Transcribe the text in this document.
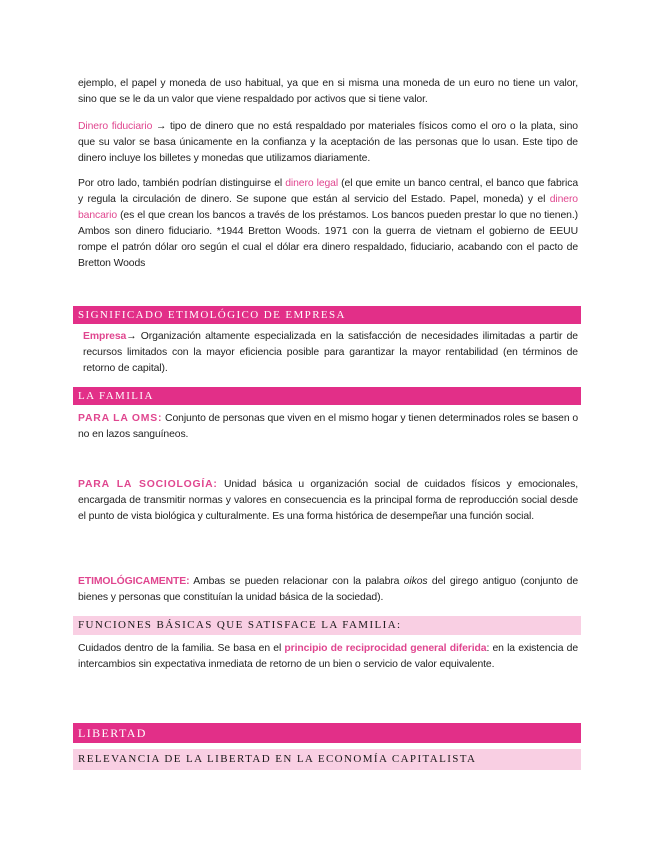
ejemplo, el papel y moneda de uso habitual, ya que en si misma una moneda de un euro no tiene un valor, sino que se le da un valor que viene respaldado por activos que si tiene valor.

Dinero fiduciario → tipo de dinero que no está respaldado por materiales físicos como el oro o la plata, sino que su valor se basa únicamente en la confianza y la aceptación de las personas que lo usan. Este tipo de dinero incluye los billetes y monedas que utilizamos diariamente.

Por otro lado, también podrían distinguirse el dinero legal (el que emite un banco central, el banco que fabrica y regula la circulación de dinero. Se supone que están al servicio del Estado. Papel, moneda) y el dinero bancario (es el que crean los bancos a través de los préstamos. Los bancos pueden prestar lo que no tienen.) Ambos son dinero fiduciario. *1944 Bretton Woods. 1971 con la guerra de vietnam el gobierno de EEUU rompe el patrón dólar oro según el cual el dólar era dinero respaldado, fiduciario, acabando con el pacto de Bretton Woods

SIGNIFICADO ETIMOLÓGICO DE EMPRESA

Empresa→ Organización altamente especializada en la satisfacción de necesidades ilimitadas a partir de recursos limitados con la mayor eficiencia posible para garantizar la mayor rentabilidad (en términos de retorno de capital).

LA FAMILIA

PARA LA OMS: Conjunto de personas que viven en el mismo hogar y tienen determinados roles se basen o no en lazos sanguíneos.

PARA LA SOCIOLOGÍA: Unidad básica u organización social de cuidados físicos y emocionales, encargada de transmitir normas y valores en consecuencia es la principal forma de reproducción social desde el punto de vista biológica y culturalmente. Es una forma histórica de desempeñar una función social.

ETIMOLÓGICAMENTE: Ambas se pueden relacionar con la palabra oikos del girego antiguo (conjunto de bienes y personas que constituían la unidad básica de la sociedad).

FUNCIONES BÁSICAS QUE SATISFACE LA FAMILIA:

Cuidados dentro de la familia. Se basa en el principio de reciprocidad general diferida: en la existencia de intercambios sin expectativa inmediata de retorno de un bien o servicio de valor equivalente.

LIBERTAD
RELEVANCIA DE LA LIBERTAD EN LA ECONOMÍA CAPITALISTA
